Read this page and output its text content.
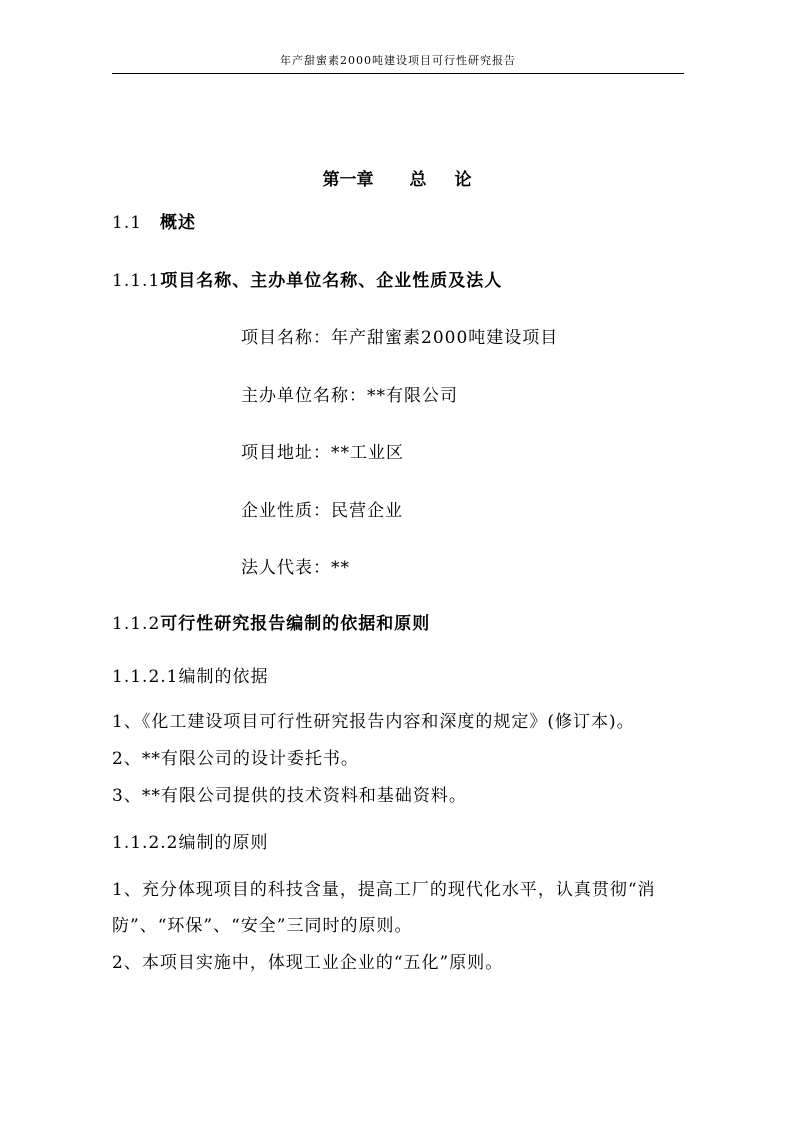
年产甜蜜素2000吨建设项目可行性研究报告
第一章 总 论
1.1 概述
1.1.1项目名称、主办单位名称、企业性质及法人
项目名称：年产甜蜜素2000吨建设项目
主办单位名称：**有限公司
项目地址：**工业区
企业性质：民营企业
法人代表：**
1.1.2可行性研究报告编制的依据和原则
1.1.2.1编制的依据
1、《化工建设项目可行性研究报告内容和深度的规定》(修订本)。
2、**有限公司的设计委托书。
3、**有限公司提供的技术资料和基础资料。
1.1.2.2编制的原则
1、充分体现项目的科技含量，提高工厂的现代化水平，认真贯彻“消
防”、“环保”、“安全”三同时的原则。
2、本项目实施中，体现工业企业的“五化”原则。
